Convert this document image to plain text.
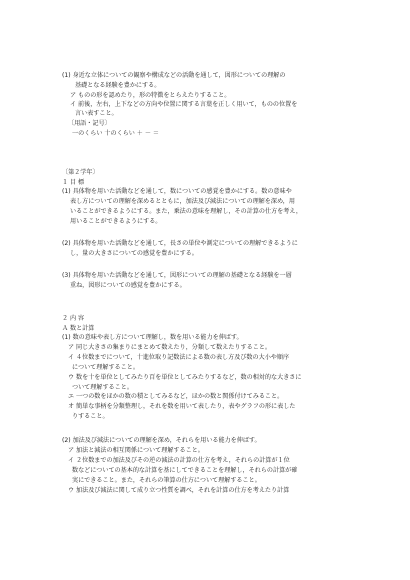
(1) 身近な立体についての観察や構成などの活動を通して，図形についての理解の

基礎となる経験を豊かにする。

ア ものの形を認めたり，形の特徴をとらえたりすること。

イ 前後，左右，上下などの方向や位置に関する言葉を正しく用いて，ものの位置を

言い表すこと。

〔用語・記号〕

一のくらい 十のくらい ＋ － ＝

〔第２学年〕

１ 目 標

(1) 具体物を用いた活動などを通して，数についての感覚を豊かにする。数の意味や

表し方についての理解を深めるとともに，加法及び減法についての理解を深め，用

いることができるようにする。また，乗法の意味を理解し，その計算の仕方を考え，

用いることができるようにする。

(2) 具体物を用いた活動などを通して，長さの単位や測定についての理解できるように

し，量の大きさについての感覚を豊かにする。

(3) 具体物を用いた活動などを通して，図形についての理解の基礎となる経験を一層

重ね，図形についての感覚を豊かにする。

２ 内 容

Ａ 数と計算

(1) 数の意味や表し方について理解し，数を用いる能力を伸ばす。

ア 同じ大きさの集まりにまとめて数えたり，分類して数えたりすること。

イ ４位数までについて，十進位取り記数法による数の表し方及び数の大小や順序

について理解すること。

ウ 数を十を単位としてみたり百を単位としてみたりするなど，数の相対的な大きさに

ついて理解すること。

エ 一つの数をほかの数の積としてみるなど，ほかの数と関係付けてみること。

オ 簡単な事柄を分類整理し，それを数を用いて表したり，表やグラフの形に表した

りすること。

(2) 加法及び減法についての理解を深め，それらを用いる能力を伸ばす。

ア 加法と減法の相互関係について理解すること。

イ ２位数までの加法及びその逆の減法の計算の仕方を考え，それらの計算が１位

数などについての基本的な計算を基にしてできることを理解し，それらの計算が確

実にできること。また，それらの筆算の仕方について理解すること。

ウ 加法及び減法に関して成り立つ性質を調べ，それを計算の仕方を考えたり計算
